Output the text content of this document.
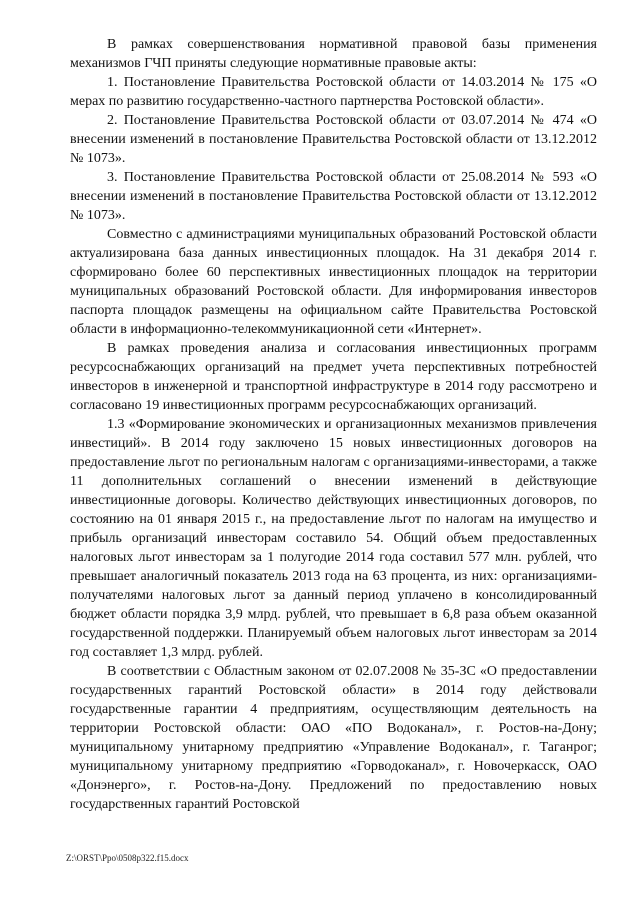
В рамках совершенствования нормативной правовой базы применения механизмов ГЧП приняты следующие нормативные правовые акты:

1. Постановление Правительства Ростовской области от 14.03.2014 № 175 «О мерах по развитию государственно-частного партнерства Ростовской области».

2. Постановление Правительства Ростовской области от 03.07.2014 № 474 «О внесении изменений в постановление Правительства Ростовской области от 13.12.2012 № 1073».

3. Постановление Правительства Ростовской области от 25.08.2014 № 593 «О внесении изменений в постановление Правительства Ростовской области от 13.12.2012 № 1073».

Совместно с администрациями муниципальных образований Ростовской области актуализирована база данных инвестиционных площадок. На 31 декабря 2014 г. сформировано более 60 перспективных инвестиционных площадок на территории муниципальных образований Ростовской области. Для информирования инвесторов паспорта площадок размещены на официальном сайте Правительства Ростовской области в информационно-телекоммуникационной сети «Интернет».

В рамках проведения анализа и согласования инвестиционных программ ресурсоснабжающих организаций на предмет учета перспективных потребностей инвесторов в инженерной и транспортной инфраструктуре в 2014 году рассмотрено и согласовано 19 инвестиционных программ ресурсоснабжающих организаций.

1.3 «Формирование экономических и организационных механизмов привлечения инвестиций». В 2014 году заключено 15 новых инвестиционных договоров на предоставление льгот по региональным налогам с организациями-инвесторами, а также 11 дополнительных соглашений о внесении изменений в действующие инвестиционные договоры. Количество действующих инвестиционных договоров, по состоянию на 01 января 2015 г., на предоставление льгот по налогам на имущество и прибыль организаций инвесторам составило 54. Общий объем предоставленных налоговых льгот инвесторам за 1 полугодие 2014 года составил 577 млн. рублей, что превышает аналогичный показатель 2013 года на 63 процента, из них: организациями-получателями налоговых льгот за данный период уплачено в консолидированный бюджет области порядка 3,9 млрд. рублей, что превышает в 6,8 раза объем оказанной государственной поддержки. Планируемый объем налоговых льгот инвесторам за 2014 год составляет 1,3 млрд. рублей.

В соответствии с Областным законом от 02.07.2008 № 35-ЗС «О предоставлении государственных гарантий Ростовской области» в 2014 году действовали государственные гарантии 4 предприятиям, осуществляющим деятельность на территории Ростовской области: ОАО «ПО Водоканал», г. Ростов-на-Дону; муниципальному унитарному предприятию «Управление Водоканал», г. Таганрог; муниципальному унитарному предприятию «Горводоканал», г. Новочеркасск, ОАО «Донэнерго», г. Ростов-на-Дону. Предложений по предоставлению новых государственных гарантий Ростовской

Z:\ORST\Ppo\0508p322.f15.docx
